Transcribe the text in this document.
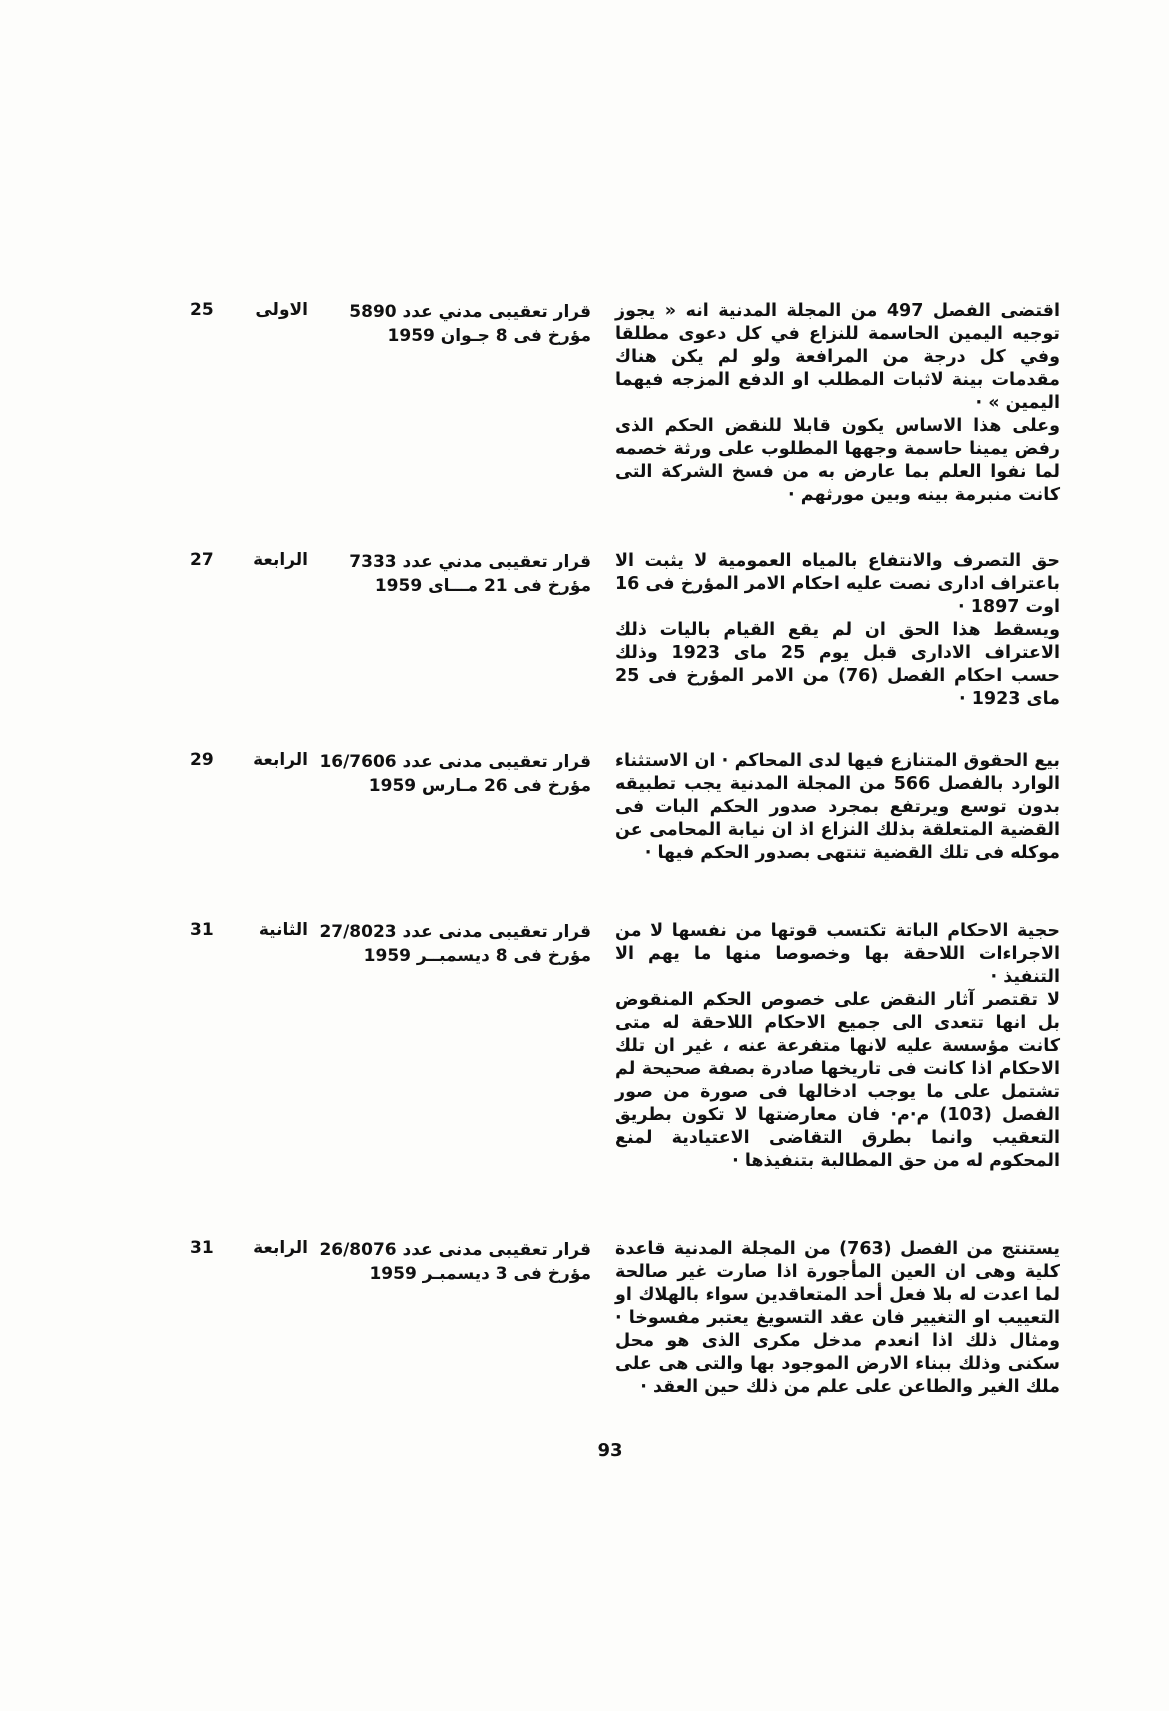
اقتضى الفصل 497 من المجلة المدنية انه « يجوز توجيه اليمين الحاسمة للنزاع في كل دعوى مطلقا وفي كل درجة من المرافعة ولو لم يكن هناك مقدمات بينة لاثبات المطلب او الدفع المزجه فيهما اليمين » ·

وعلى هذا الاساس يكون قابلا للنقض الحكم الذى رفض يمينا حاسمة وجهها المطلوب على ورثة خصمه لما نفوا العلم بما عارض به من فسخ الشركة التى كانت منبرمة بينه وبين مورثهم ·

قرار تعقيبى مدني عدد 5890
مؤرخ فى 8 جـوان 1959
الاولى
25

حق التصرف والانتفاع بالمياه العمومية لا يثبت الا باعتراف ادارى نصت عليه احكام الامر المؤرخ فى 16 اوت 1897 ·

ويسقط هذا الحق ان لم يقع القيام باليات ذلك الاعتراف الادارى قبل يوم 25 ماى 1923 وذلك حسب احكام الفصل (76) من الامر المؤرخ فى 25 ماى 1923 ·

قرار تعقيبى مدني عدد 7333
مؤرخ فى 21 مـــاى 1959
الرابعة
27

بيع الحقوق المتنازع فيها لدى المحاكم · ان الاستثناء الوارد بالفصل 566 من المجلة المدنية يجب تطبيقه بدون توسع ويرتفع بمجرد صدور الحكم البات فى القضية المتعلقة بذلك النزاع اذ ان نيابة المحامى عن موكله فى تلك القضية تنتهى بصدور الحكم فيها ·

قرار تعقيبى مدنى عدد 16/7606
مؤرخ فى 26 مـارس 1959
الرابعة
29

حجية الاحكام الباتة تكتسب قوتها من نفسها لا من الاجراءات اللاحقة بها وخصوصا منها ما يهم الا التنفيذ ·

لا تقتصر آثار النقض على خصوص الحكم المنقوض بل انها تتعدى الى جميع الاحكام اللاحقة له متى كانت مؤسسة عليه لانها متفرعة عنه ، غير ان تلك الاحكام اذا كانت فى تاريخها صادرة بصفة صحيحة لم تشتمل على ما يوجب ادخالها فى صورة من صور الفصل (103) م·م· فان معارضتها لا تكون بطريق التعقيب وانما بطرق التقاضى الاعتيادية لمنع المحكوم له من حق المطالبة بتنفيذها ·

قرار تعقيبى مدنى عدد 27/8023
مؤرخ فى 8 ديسمبــر 1959
الثانية
31

يستنتج من الفصل (763) من المجلة المدنية قاعدة كلية وهى ان العين المأجورة اذا صارت غير صالحة لما اعدت له بلا فعل أحد المتعاقدين سواء بالهلاك او التعييب او التغيير فان عقد التسويغ يعتبر مفسوخا · ومثال ذلك اذا انعدم مدخل مكرى الذى هو محل سكنى وذلك ببناء الارض الموجود بها والتى هى على ملك الغير والطاعن على علم من ذلك حين العقد ·

قرار تعقيبى مدنى عدد 26/8076
مؤرخ فى 3 ديسمبـر 1959
الرابعة
31
93
